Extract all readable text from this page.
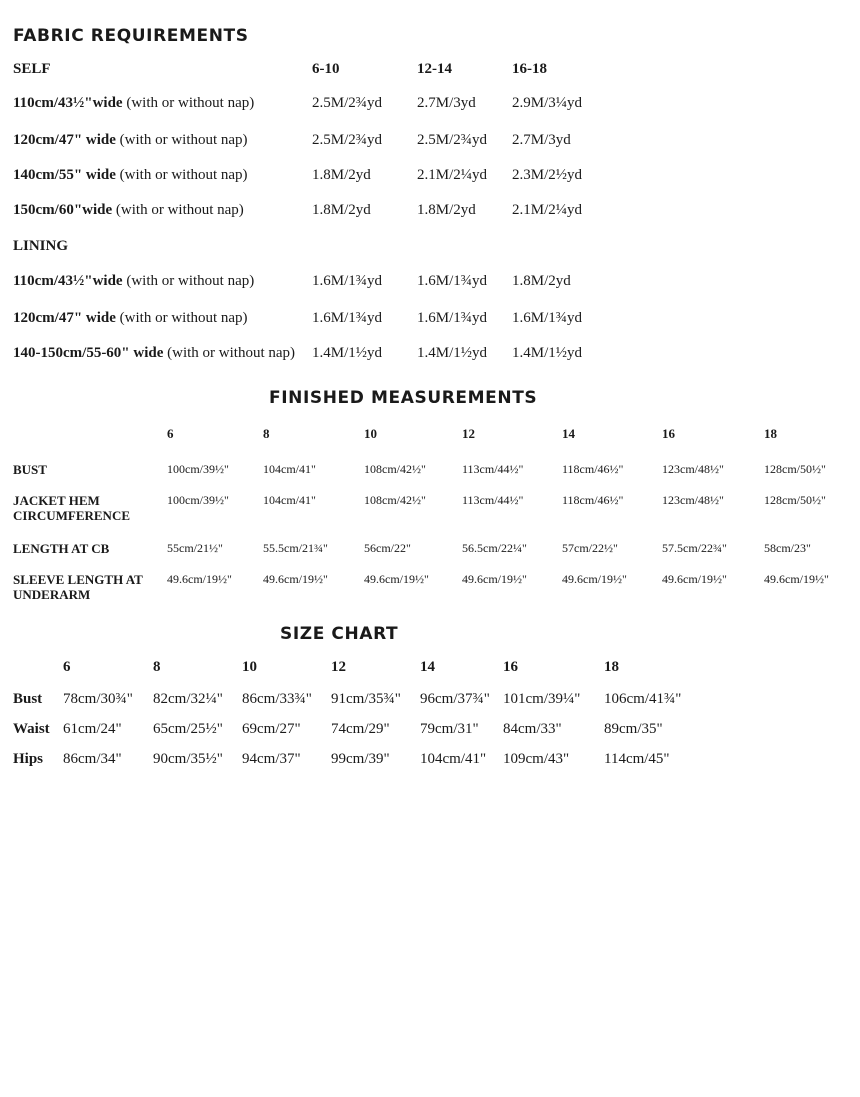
FABRIC REQUIREMENTS
SELF	6-10	12-14	16-18
110cm/43½"wide (with or without nap)	2.5M/2¾yd 2.7M/3yd 2.9M/3¼yd
120cm/47" wide (with or without nap)	2.5M/2¾yd 2.5M/2¾yd 2.7M/3yd
140cm/55" wide (with or without nap)	1.8M/2yd	2.1M/2¼yd 2.3M/2½yd
150cm/60"wide (with or without nap)	1.8M/2yd	1.8M/2yd 2.1M/2¼yd
LINING
110cm/43½"wide (with or without nap)	1.6M/1¾yd 1.6M/1¾yd 1.8M/2yd
120cm/47" wide (with or without nap)	1.6M/1¾yd 1.6M/1¾yd 1.6M/1¾yd
140-150cm/55-60" wide (with or without nap) 1.4M/1½yd 1.4M/1½yd 1.4M/1½yd
FINISHED MEASUREMENTS
6	8	10	12	14	16	18
BUST	100cm/39½"	104cm/41"	108cm/42½"	113cm/44½"	118cm/46½"	123cm/48½"	128cm/50½"
JACKET HEM
CIRCUMFERENCE
100cm/39½"	104cm/41"	108cm/42½"	113cm/44½"	118cm/46½"	123cm/48½"	128cm/50½"
LENGTH AT CB	55cm/21½"	55.5cm/21¾"	56cm/22"	56.5cm/22¼"	57cm/22½"	57.5cm/22¾"	58cm/23"
SLEEVE LENGTH AT
UNDERARM
49.6cm/19½"	49.6cm/19½"	49.6cm/19½"	49.6cm/19½"	49.6cm/19½"	49.6cm/19½"	49.6cm/19½"
SIZE CHART
6	8	10	12	14	16	18
Bust 78cm/30¾" 82cm/32¼" 86cm/33¾" 91cm/35¾" 96cm/37¾" 101cm/39¼" 106cm/41¾"
Waist 61cm/24" 65cm/25½" 69cm/27" 74cm/29" 79cm/31" 84cm/33"	89cm/35"
Hips 86cm/34" 90cm/35½" 94cm/37" 99cm/39" 104cm/41" 109cm/43" 114cm/45"
